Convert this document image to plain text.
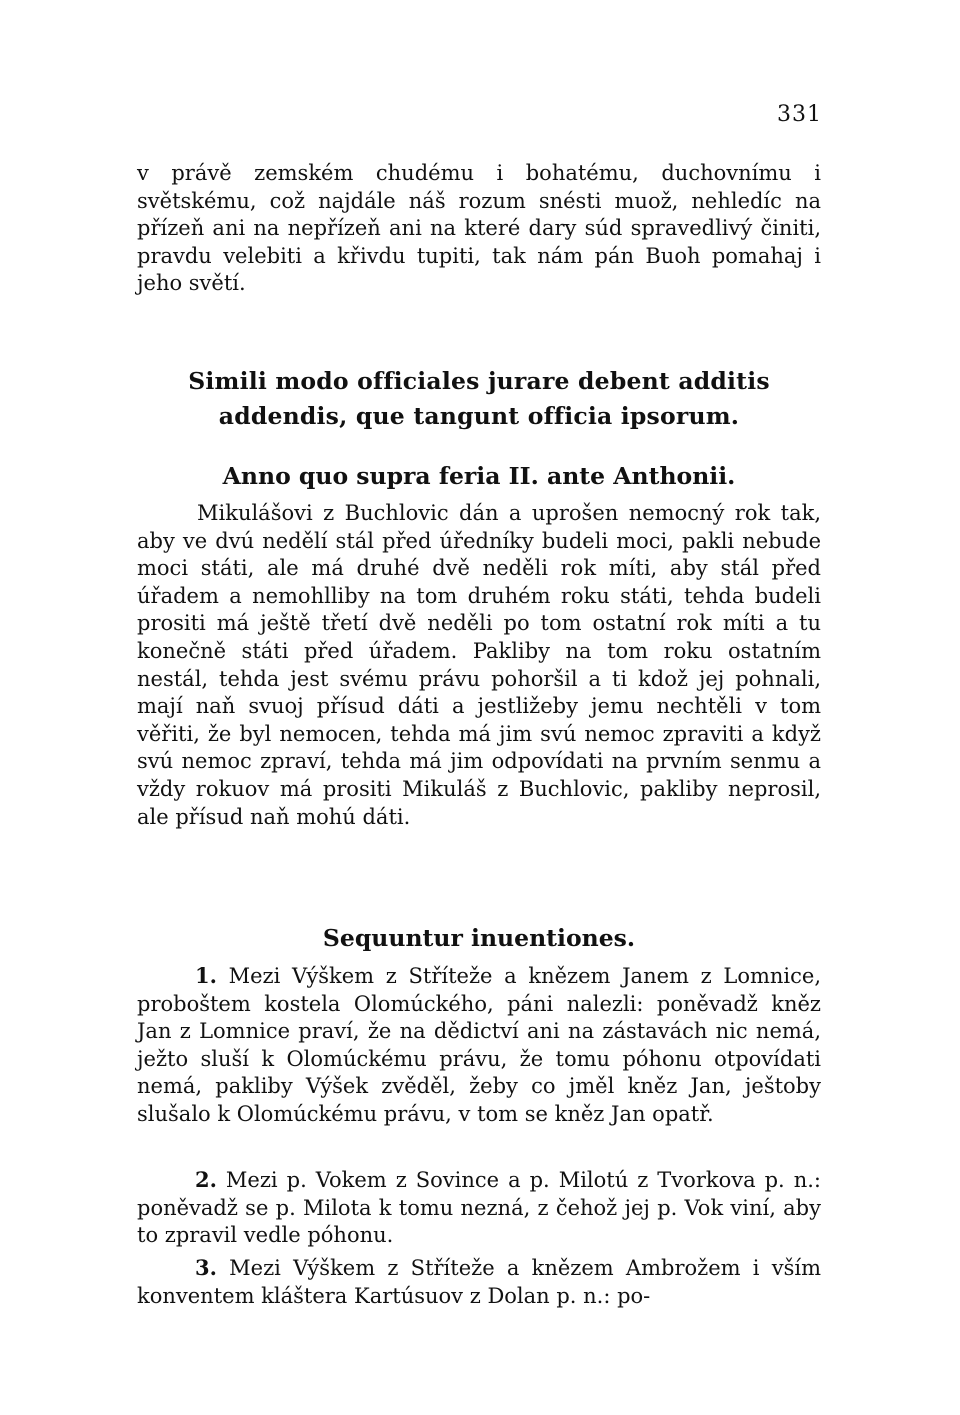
331

v právě zemském chudému i bohatému, duchovnímu i světskému, což najdále náš rozum snésti muož, nehledíc na přízeň ani na nepřízeň ani na které dary súd spravedlivý činiti, pravdu velebiti a křivdu tupiti, tak nám pán Buoh pomahaj i jeho světí.

Simili modo officiales jurare debent additis addendis, que tangunt officia ipsorum.
Anno quo supra feria II. ante Anthonii.

Mikulášovi z Buchlovic dán a uprošen nemocný rok tak, aby ve dvú nedělí stál před úředníky budeli moci, pakli nebude moci státi, ale má druhé dvě neděli rok míti, aby stál před úřadem a nemohlliby na tom druhém roku státi, tehda budeli prositi má ještě třetí dvě neděli po tom ostatní rok míti a tu konečně státi před úřadem. Pakliby na tom roku ostatním nestál, tehda jest svému právu pohoršil a ti kdož jej pohnali, mají naň svuoj přísud dáti a jestližeby jemu nechtěli v tom věřiti, že byl nemocen, tehda má jim svú nemoc zpraviti a když svú nemoc zpraví, tehda má jim odpovídati na prvním senmu a vždy rokuov má prositi Mikuláš z Buchlovic, pakliby neprosil, ale přísud naň mohú dáti.

Sequuntur inuentiones.

1. Mezi Výškem z Stříteže a knězem Janem z Lomnice, proboštem kostela Olomúckého, páni nalezli: poněvadž kněz Jan z Lomnice praví, že na dědictví ani na zástavách nic nemá, ježto sluší k Olomúckému právu, že tomu póhonu otpovídati nemá, pakliby Výšek zvěděl, žeby co jměl kněz Jan, ještoby slušalo k Olomúckému právu, v tom se kněz Jan opatř.

2. Mezi p. Vokem z Sovince a p. Milotú z Tvorkova p. n.: poněvadž se p. Milota k tomu nezná, z čehož jej p. Vok viní, aby to zpravil vedle póhonu.

3. Mezi Výškem z Stříteže a knězem Ambrožem i vším konventem kláštera Kartúsuov z Dolan p. n.: po-
